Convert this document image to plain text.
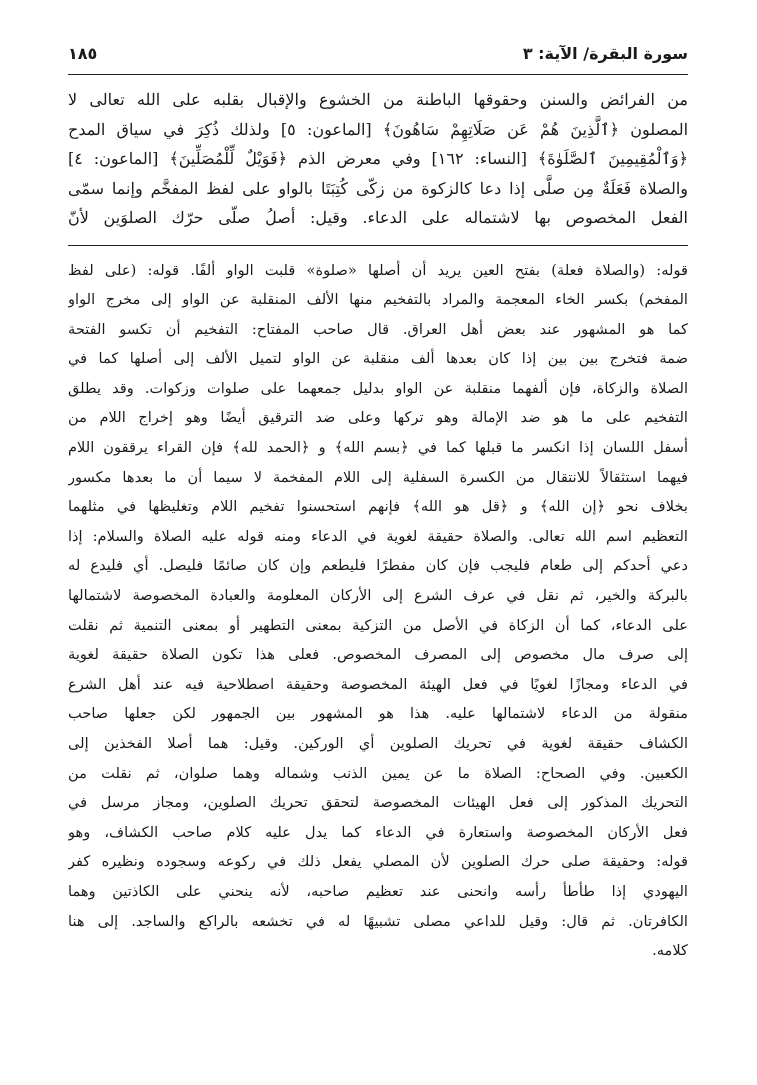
سورة البقرة/ الآية: ٣
١٨٥
من الفرائض والسنن وحقوقها الباطنة من الخشوع والإقبال بقلبه على الله تعالى لا
المصلون ﴿ٱلَّذِينَ هُمْ عَن صَلَاتِهِمْ سَاهُونَ﴾ [الماعون: ٥] ولذلك ذُكِرَ في سياق المدح
﴿وَٱلْمُقِيمِينَ ٱلصَّلَوٰةَ﴾ [النساء: ١٦٢] وفي معرض الذم ﴿فَوَيْلٌ لِّلْمُصَلِّينَ﴾ [الماعون: ٤]
والصلاة فَعَلَةٌ مِن صلَّى إذا دعا كالزكوة من زكّى كُتِبَتَا بالواو على لفظ المفخَّم وإنما سمّى
الفعل المخصوص بها لاشتماله على الدعاء. وقيل: أصلُ صلّى حرّك الصلوَين لأنّ
قوله: (والصلاة فعلة) بفتح العين يريد أن أصلها «صلوة» قلبت الواو ألفًا. قوله: (على لفظ
المفخم) بكسر الخاء المعجمة والمراد بالتفخيم منها الألف المنقلبة عن الواو إلى مخرج الواو
كما هو المشهور عند بعض أهل العراق. قال صاحب المفتاح: التفخيم أن تكسو الفتحة
ضمة فتخرج بين بين إذا كان بعدها ألف منقلبة عن الواو لتميل الألف إلى أصلها كما في
الصلاة والزكاة، فإن ألفهما منقلبة عن الواو بدليل جمعهما على صلوات وزكوات. وقد يطلق
التفخيم على ما هو ضد الإمالة وهو تركها وعلى ضد الترقيق أيضًا وهو إخراج اللام من
أسفل اللسان إذا انكسر ما قبلها كما في ﴿بسم الله﴾ و ﴿الحمد لله﴾ فإن القراء يرققون اللام
فيهما استثقالاً للانتقال من الكسرة السفلية إلى اللام المفخمة لا سيما أن ما بعدها مكسور
بخلاف نحو ﴿إن الله﴾ و ﴿قل هو الله﴾ فإنهم استحسنوا تفخيم اللام وتغليظها في مثلهما
التعظيم اسم الله تعالى. والصلاة حقيقة لغوية في الدعاء ومنه قوله عليه الصلاة والسلام: إذا
دعي أحدكم إلى طعام فليجب فإن كان مفطرًا فليطعم وإن كان صائمًا فليصل. أي فليدع له
بالبركة والخير، ثم نقل في عرف الشرع إلى الأركان المعلومة والعبادة المخصوصة لاشتمالها
على الدعاء، كما أن الزكاة في الأصل من التزكية بمعنى التطهير أو بمعنى التنمية ثم نقلت
إلى صرف مال مخصوص إلى المصرف المخصوص. فعلى هذا تكون الصلاة حقيقة لغوية
في الدعاء ومجازًا لغويًا في فعل الهيئة المخصوصة وحقيقة اصطلاحية فيه عند أهل الشرع
منقولة من الدعاء لاشتمالها عليه. هذا هو المشهور بين الجمهور لكن جعلها صاحب
الكشاف حقيقة لغوية في تحريك الصلوين أي الوركين. وقيل: هما أصلا الفخذين إلى
الكعبين. وفي الصحاح: الصلاة ما عن يمين الذنب وشماله وهما صلوان، ثم نقلت من
التحريك المذكور إلى فعل الهيئات المخصوصة لتحقق تحريك الصلوين، ومجاز مرسل في
فعل الأركان المخصوصة واستعارة في الدعاء كما يدل عليه كلام صاحب الكشاف، وهو
قوله: وحقيقة صلى حرك الصلوين لأن المصلي يفعل ذلك في ركوعه وسجوده ونظيره كفر
اليهودي إذا طأطأ رأسه وانحنى عند تعظيم صاحبه، لأنه ينحني على الكاذتين وهما
الكافرتان. ثم قال: وقيل للداعي مصلى تشبيهًا له في تخشعه بالراكع والساجد. إلى هنا
كلامه.
